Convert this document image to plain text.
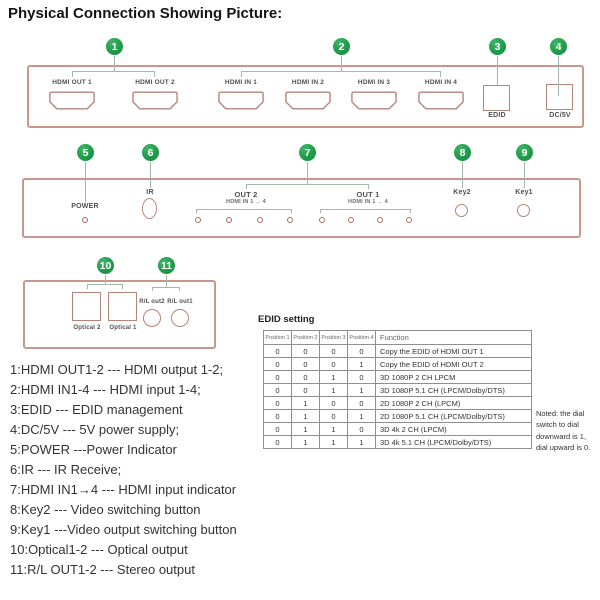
Physical Connection Showing Picture:
1	2	3	4
HDMI OUT 1	HDMI OUT 2	HDMI IN 1	HDMI IN 2	HDMI IN 3	HDMI IN 4
EDID	DC/5V
5	6	7	8	9
POWER
IR	OUT 2
HDMI IN 1 → 4
OUT 1
HDMI IN 1 → 4
Key2	Key1
10	11
Optical 2	Optical 1
R/L out2 R/L out1
EDID setting
Position 1	Position 2	Position 3	Position 4	Function
0	0	0	0	Copy the EDID of HDMI OUT 1
0	0	0	1	Copy the EDID of HDMI OUT 2
0	0	1	0	3D 1080P 2 CH LPCM
0	0	1	1	3D 1080P 5.1 CH (LPCM/Dolby/DTS)
0	1	0	0	2D 1080P 2 CH (LPCM)
0	1	0	1	2D 1080P 5.1 CH (LPCM/Dolby/DTS)
0	1	1	0	3D 4k 2 CH (LPCM)
0	1	1	1	3D 4k 5.1 CH (LPCM/Dolby/DTS)
Noted: the dial switch to dial downward is 1, dial upward is 0.
1:HDMI OUT1-2 --- HDMI output 1-2;
2:HDMI IN1-4 --- HDMI input 1-4;
3:EDID --- EDID management
4:DC/5V --- 5V power supply;
5:POWER ---Power Indicator
6:IR --- IR Receive;
7:HDMI IN1→4 --- HDMI input indicator
8:Key2 --- Video switching button
9:Key1 ---Video output switching button
10:Optical1-2 --- Optical output
11:R/L OUT1-2 --- Stereo output
